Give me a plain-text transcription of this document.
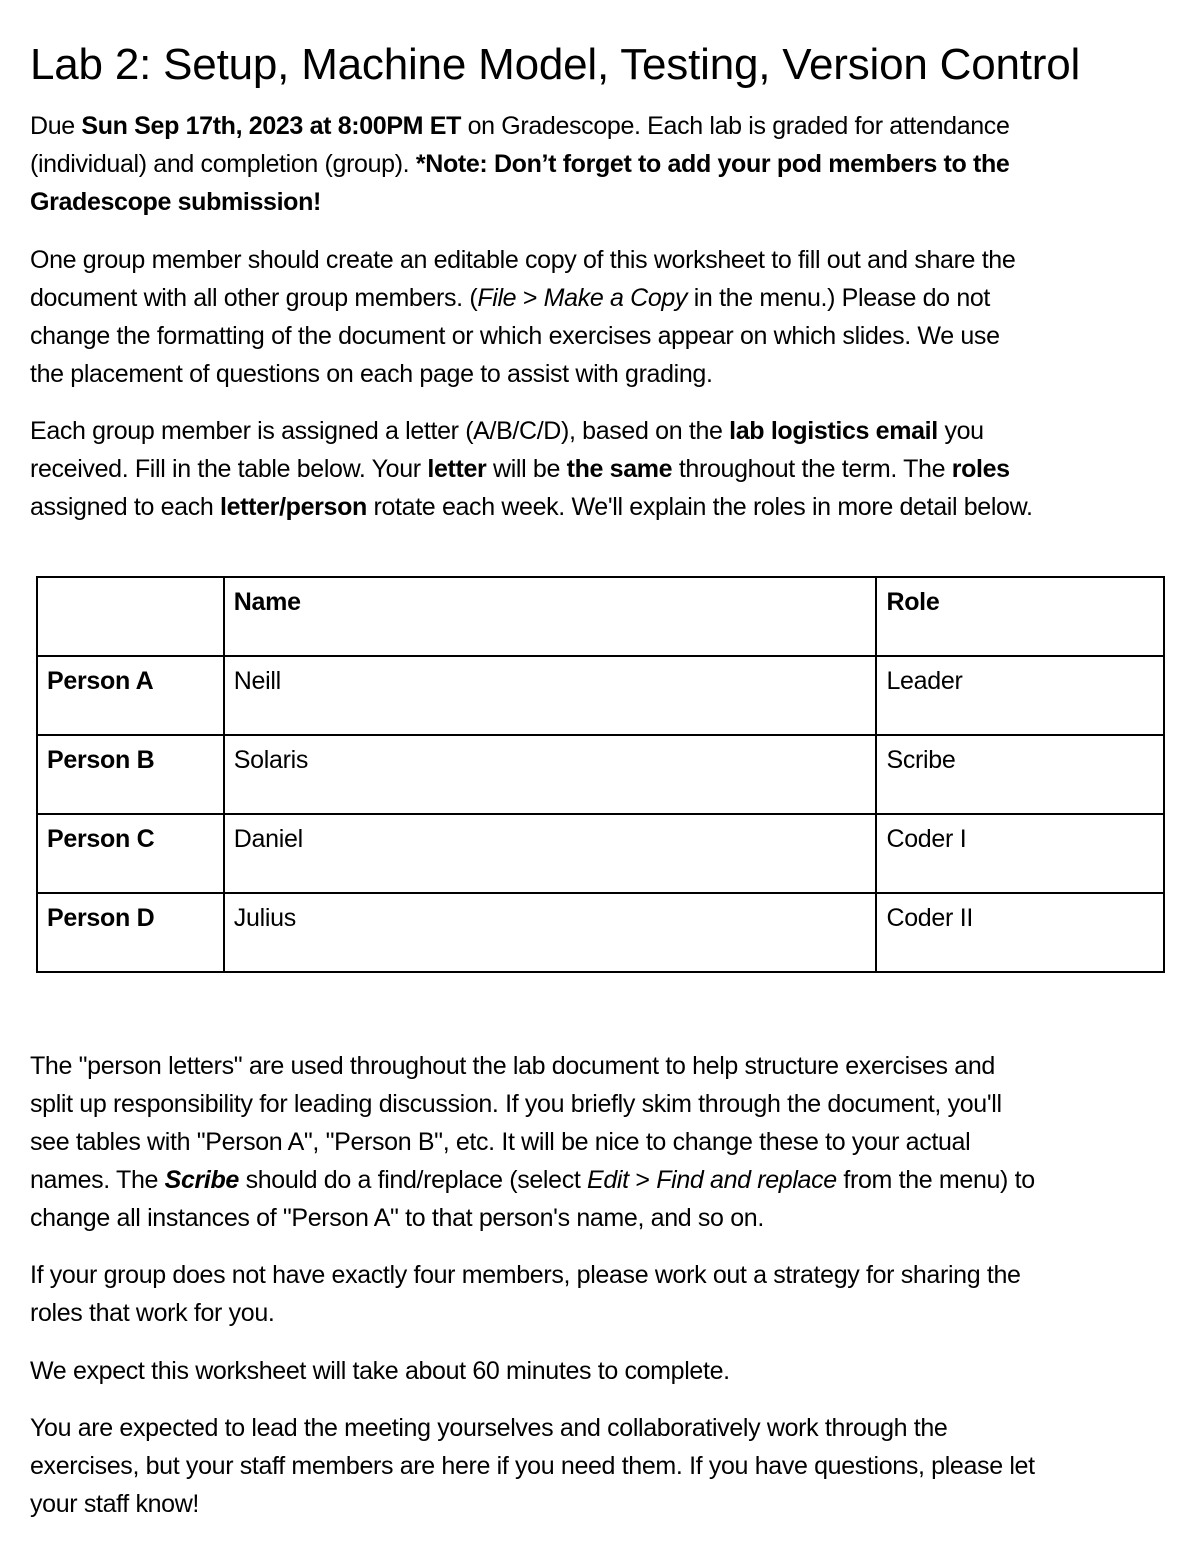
Lab 2: Setup, Machine Model, Testing, Version Control

Due Sun Sep 17th, 2023 at 8:00PM ET on Gradescope. Each lab is graded for attendance
(individual) and completion (group). *Note: Don’t forget to add your pod members to the
Gradescope submission!

One group member should create an editable copy of this worksheet to fill out and share the
document with all other group members. (File > Make a Copy in the menu.) Please do not
change the formatting of the document or which exercises appear on which slides. We use
the placement of questions on each page to assist with grading.

Each group member is assigned a letter (A/B/C/D), based on the lab logistics email you
received. Fill in the table below. Your letter will be the same throughout the term. The roles
assigned to each letter/person rotate each week. We'll explain the roles in more detail below.

	Name	Role
Person A	Neill	Leader
Person B	Solaris	Scribe
Person C	Daniel	Coder I
Person D	Julius	Coder II

The "person letters" are used throughout the lab document to help structure exercises and
split up responsibility for leading discussion. If you briefly skim through the document, you'll
see tables with "Person A", "Person B", etc. It will be nice to change these to your actual
names. The Scribe should do a find/replace (select Edit > Find and replace from the menu) to
change all instances of "Person A" to that person's name, and so on.

If your group does not have exactly four members, please work out a strategy for sharing the
roles that work for you.

We expect this worksheet will take about 60 minutes to complete.

You are expected to lead the meeting yourselves and collaboratively work through the
exercises, but your staff members are here if you need them. If you have questions, please let
your staff know!
